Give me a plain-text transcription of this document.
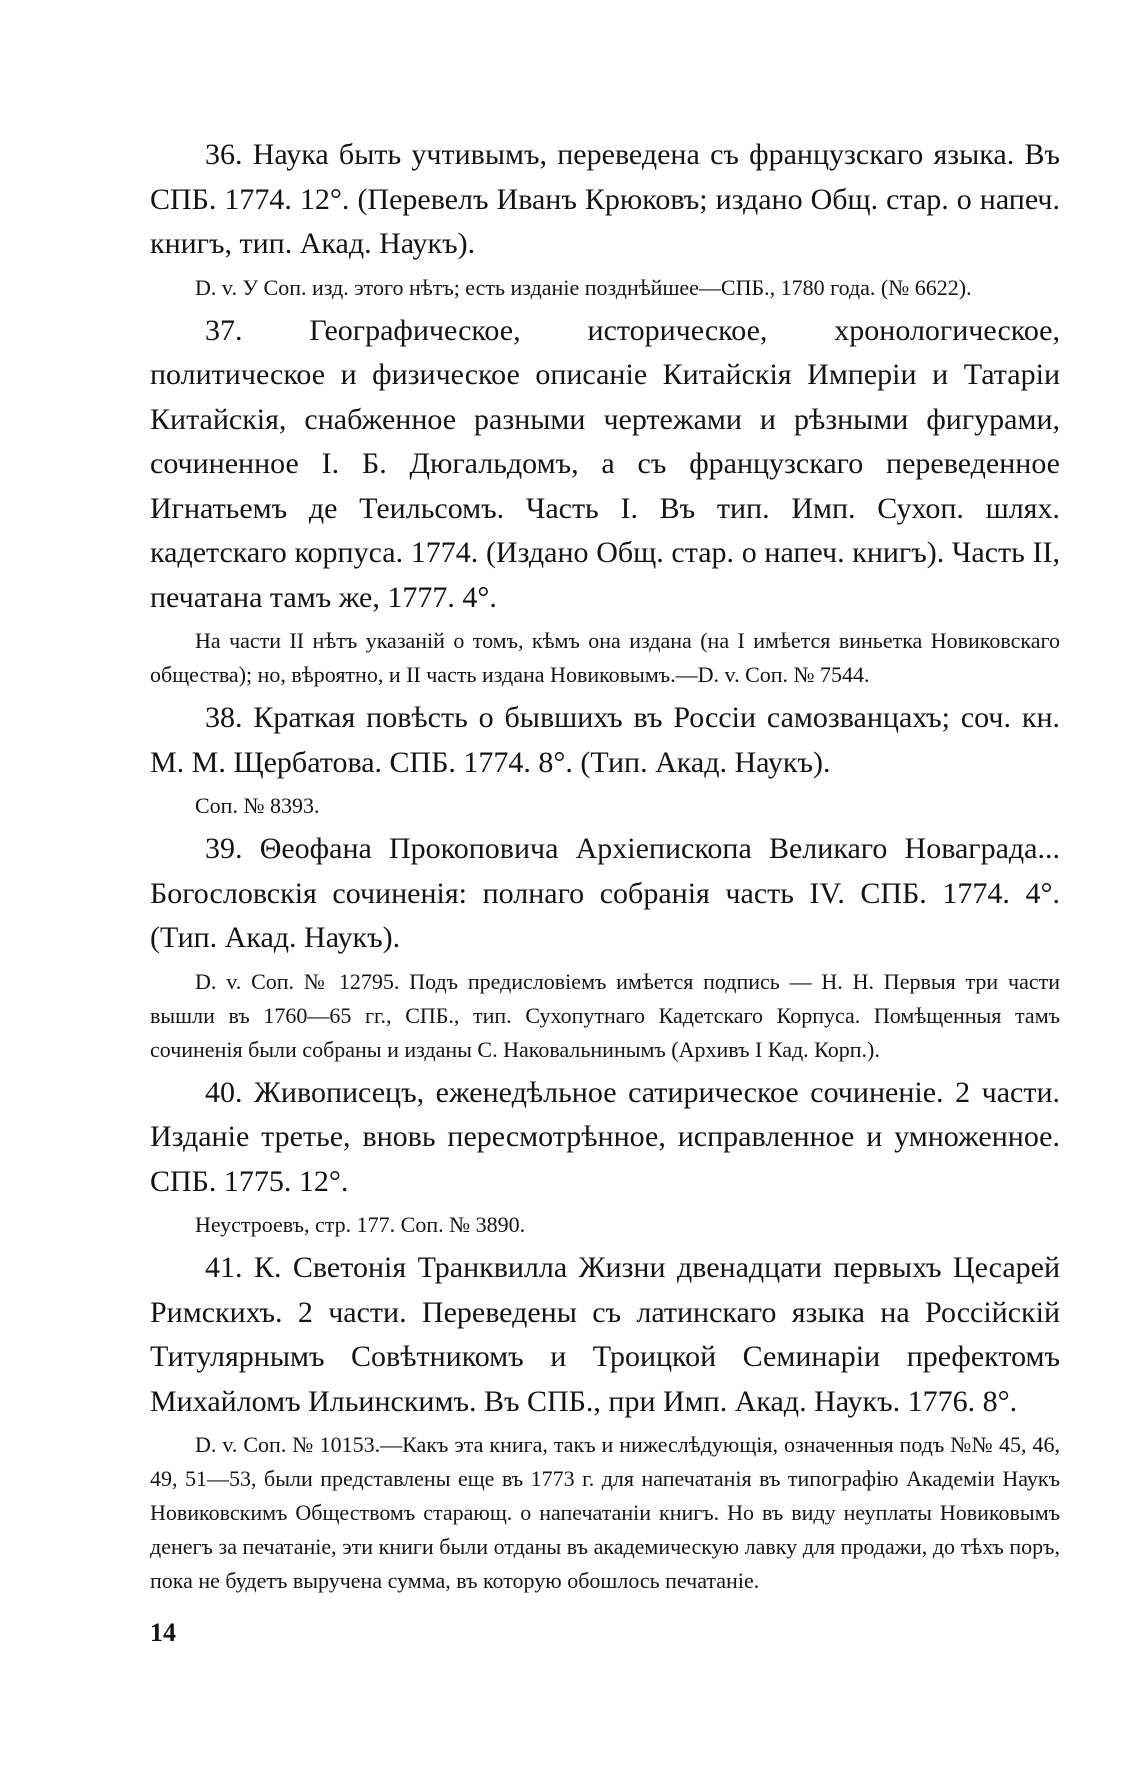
36. Наука быть учтивымъ, переведена съ французскаго языка. Въ СПБ. 1774. 12°. (Перевелъ Иванъ Крюковъ; издано Общ. стар. о напеч. книгъ, тип. Акад. Наукъ).

D. v. У Соп. изд. этого нѣтъ; есть изданіе позднѣйшее—СПБ., 1780 года. (№ 6622).

37. Географическое, историческое, хронологическое, политическое и физическое описаніе Китайскія Имперіи и Татаріи Китайскія, снабженное разными чертежами и рѣзными фигурами, сочиненное І. Б. Дюгальдомъ, а съ французскаго переведенное Игнатьемъ де Теильсомъ. Часть І. Въ тип. Имп. Сухоп. шлях. кадетскаго корпуса. 1774. (Издано Общ. стар. о напеч. книгъ). Часть II, печатана тамъ же, 1777. 4°.

На части II нѣтъ указаній о томъ, кѣмъ она издана (на I имѣется виньетка Новиковскаго общества); но, вѣроятно, и II часть издана Новиковымъ.—D. v. Соп. № 7544.

38. Краткая повѣсть о бывшихъ въ Россіи самозванцахъ; соч. кн. М. М. Щербатова. СПБ. 1774. 8°. (Тип. Акад. Наукъ).

Соп. № 8393.

39. Θеофана Прокоповича Архіепископа Великаго Новаграда... Богословскія сочиненія: полнаго собранія часть IV. СПБ. 1774. 4°. (Тип. Акад. Наукъ).

D. v. Соп. № 12795. Подъ предисловіемъ имѣется подпись — Н. Н. Первыя три части вышли въ 1760—65 гг., СПБ., тип. Сухопутнаго Кадетскаго Корпуса. Помѣщенныя тамъ сочиненія были собраны и изданы С. Наковальнинымъ (Архивъ I Кад. Корп.).

40. Живописецъ, еженедѣльное сатирическое сочиненіе. 2 части. Изданіе третье, вновь пересмотрѣнное, исправленное и умноженное. СПБ. 1775. 12°.

Неустроевъ, стр. 177. Соп. № 3890.

41. К. Светонія Транквилла Жизни двенадцати первыхъ Цесарей Римскихъ. 2 части. Переведены съ латинскаго языка на Россійскій Титулярнымъ Совѣтникомъ и Троицкой Семинаріи префектомъ Михайломъ Ильинскимъ. Въ СПБ., при Имп. Акад. Наукъ. 1776. 8°.

D. v. Соп. № 10153.—Какъ эта книга, такъ и нижеслѣдующія, означенныя подъ №№ 45, 46, 49, 51—53, были представлены еще въ 1773 г. для напечатанія въ типографію Академіи Наукъ Новиковскимъ Обществомъ старающ. о напечатаніи книгъ. Но въ виду неуплаты Новиковымъ денегъ за печатаніе, эти книги были отданы въ академическую лавку для продажи, до тѣхъ поръ, пока не будетъ выручена сумма, въ которую обошлось печатаніе.

14
